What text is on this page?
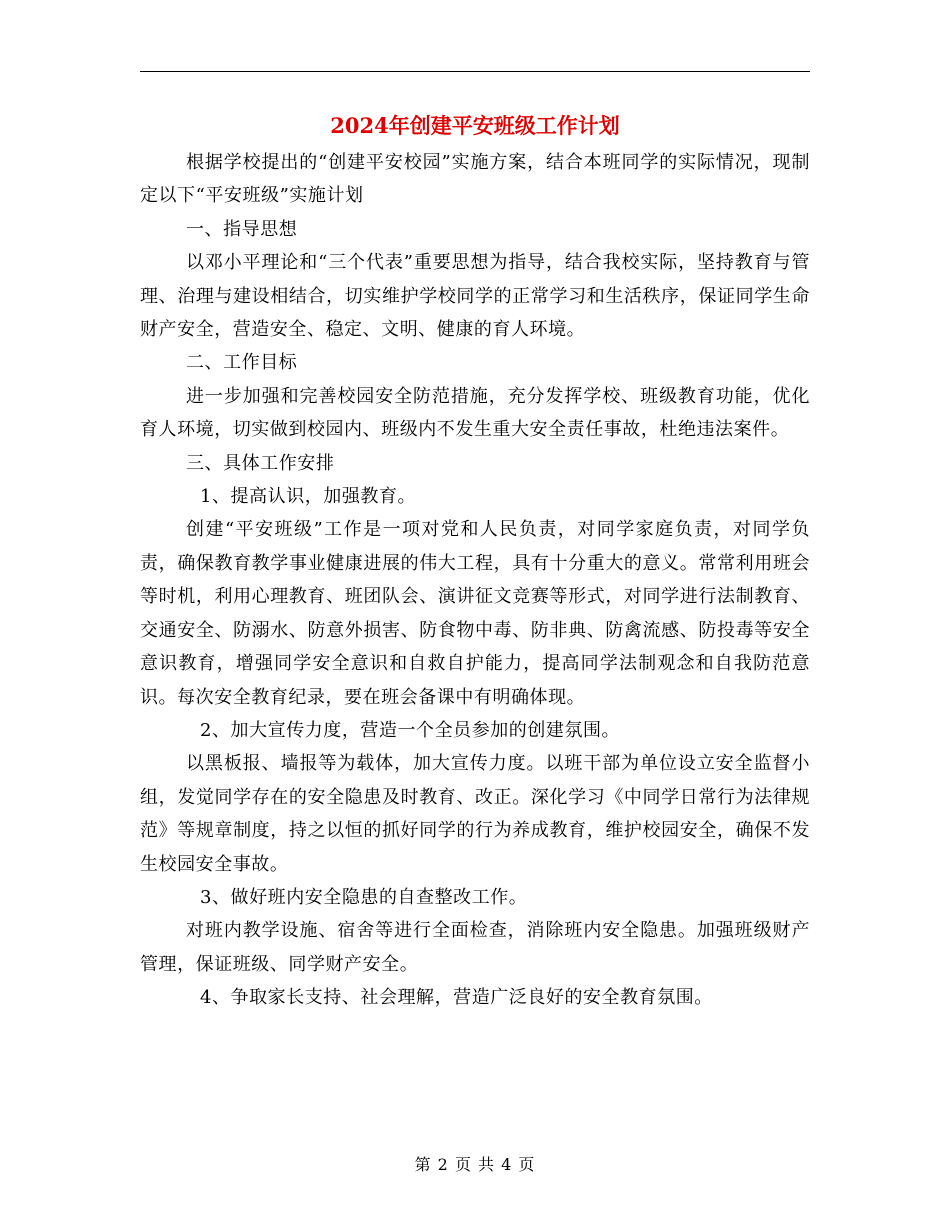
2024年创建平安班级工作计划

根据学校提出的“创建平安校园”实施方案，结合本班同学的实际情况，现制定以下“平安班级”实施计划

一、指导思想

以邓小平理论和“三个代表”重要思想为指导，结合我校实际，坚持教育与管理、治理与建设相结合，切实维护学校同学的正常学习和生活秩序，保证同学生命财产安全，营造安全、稳定、文明、健康的育人环境。

二、工作目标

进一步加强和完善校园安全防范措施，充分发挥学校、班级教育功能，优化育人环境，切实做到校园内、班级内不发生重大安全责任事故，杜绝违法案件。

三、具体工作安排

1、提高认识，加强教育。

创建“平安班级”工作是一项对党和人民负责，对同学家庭负责，对同学负责，确保教育教学事业健康进展的伟大工程，具有十分重大的意义。常常利用班会等时机，利用心理教育、班团队会、演讲征文竞赛等形式，对同学进行法制教育、交通安全、防溺水、防意外损害、防食物中毒、防非典、防禽流感、防投毒等安全意识教育，增强同学安全意识和自救自护能力，提高同学法制观念和自我防范意识。每次安全教育纪录，要在班会备课中有明确体现。

2、加大宣传力度，营造一个全员参加的创建氛围。

以黑板报、墙报等为载体，加大宣传力度。以班干部为单位设立安全监督小组，发觉同学存在的安全隐患及时教育、改正。深化学习《中同学日常行为法律规范》等规章制度，持之以恒的抓好同学的行为养成教育，维护校园安全，确保不发生校园安全事故。

3、做好班内安全隐患的自查整改工作。

对班内教学设施、宿舍等进行全面检查，消除班内安全隐患。加强班级财产管理，保证班级、同学财产安全。

4、争取家长支持、社会理解，营造广泛良好的安全教育氛围。

第 2 页 共 4 页
